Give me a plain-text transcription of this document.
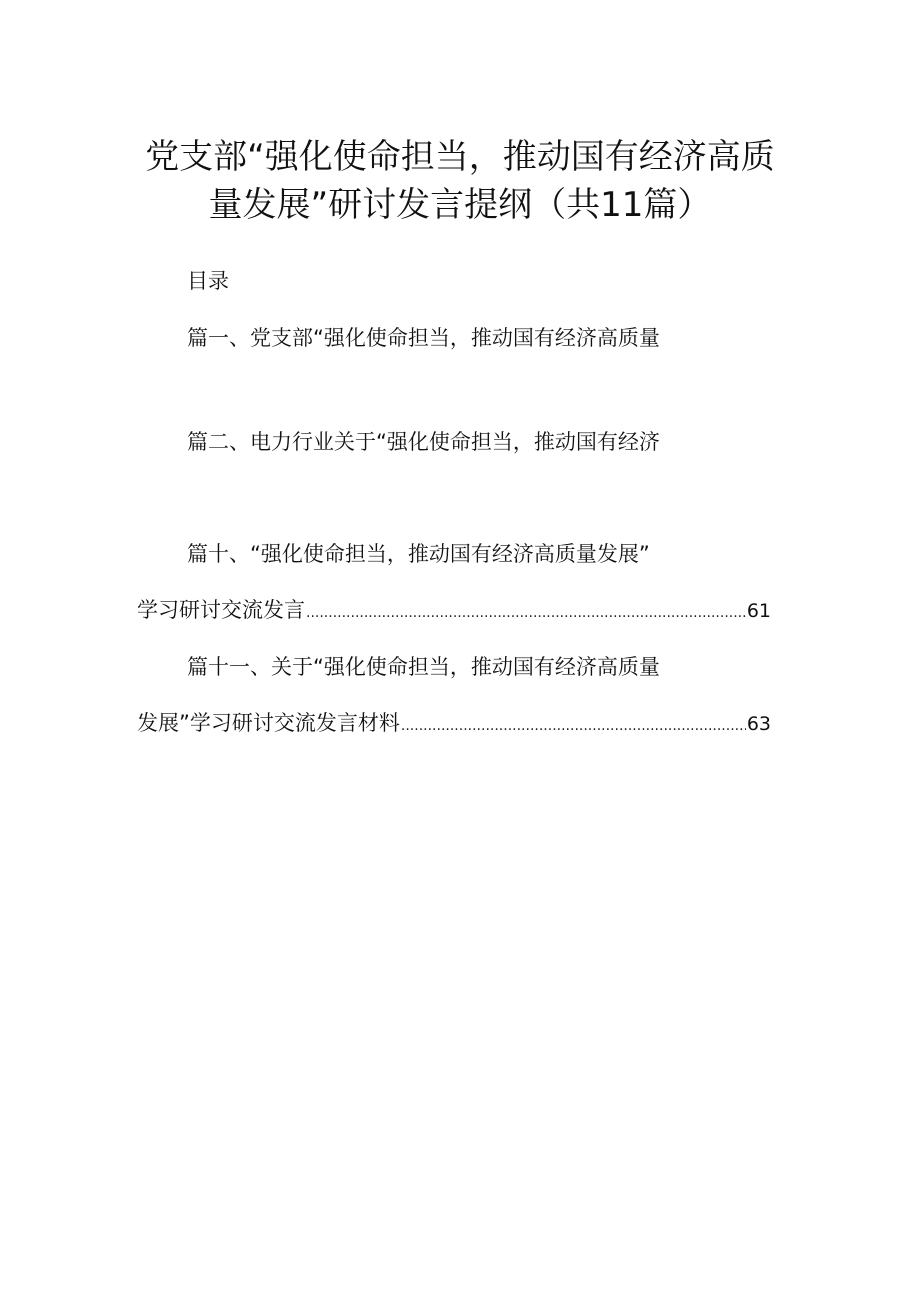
党支部“强化使命担当，推动国有经济高质
量发展”研讨发言提纲（共11篇）
目录
篇一、党支部“强化使命担当，推动国有经济高质量
篇二、电力行业关于“强化使命担当，推动国有经济
篇十、“强化使命担当，推动国有经济高质量发展”
学习研讨交流发言 .....	61
篇十一、关于“强化使命担当，推动国有经济高质量
发展”学习研讨交流发言材料 .....	63
